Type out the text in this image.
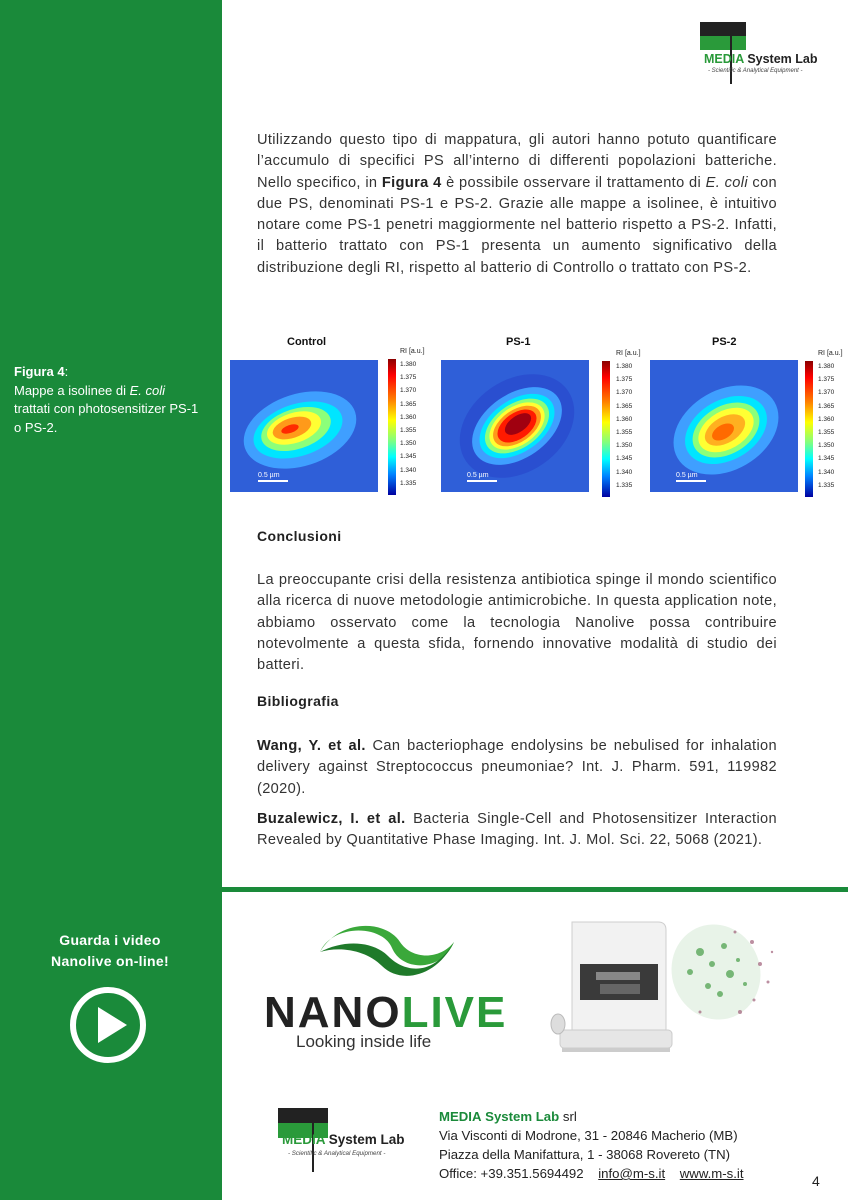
MEDIA System Lab
- Scientific & Analytical Equipment -

Utilizzando questo tipo di mappatura, gli autori hanno potuto quantificare l’accumulo di specifici PS all’interno di differenti popolazioni batteriche. Nello specifico, in Figura 4 è possibile osservare il trattamento di E. coli con due PS, denominati PS-1 e PS-2. Grazie alle mappe a isolinee, è intuitivo notare come PS-1 penetri maggiormente nel batterio rispetto a PS-2. Infatti, il batterio trattato con PS-1 presenta un aumento significativo della distribuzione degli RI, rispetto al batterio di Controllo o trattato con PS-2.

Figura 4:
Mappe a isolinee di E. coli trattati con photosensitizer PS-1 o PS-2.
Control
0.5 µm
RI [a.u.]
1.380
1.375
1.370
1.365
1.360
1.355
1.350
1.345
1.340
1.335
PS-1
0.5 µm
RI [a.u.]
1.380
1.375
1.370
1.365
1.360
1.355
1.350
1.345
1.340
1.335
PS-2
0.5 µm
RI [a.u.]
1.380
1.375
1.370
1.365
1.360
1.355
1.350
1.345
1.340
1.335
Conclusioni

La preoccupante crisi della resistenza antibiotica spinge il mondo scientifico alla ricerca di nuove metodologie antimicrobiche. In questa application note, abbiamo osservato come la tecnologia Nanolive possa contribuire notevolmente a questa sfida, fornendo innovative modalità di studio dei batteri.

Bibliografia

Wang, Y. et al. Can bacteriophage endolysins be nebulised for inhalation delivery against Streptococcus pneumoniae? Int. J. Pharm. 591, 119982 (2020).

Buzalewicz, I. et al. Bacteria Single-Cell and Photosensitizer Interaction Revealed by Quantitative Phase Imaging. Int. J. Mol. Sci. 22, 5068 (2021).

Guarda i video
Nanolive on-line!
NANOLIVE
Looking inside life
MEDIA System Lab
- Scientific & Analytical Equipment -
MEDIA System Lab srl
Via Visconti di Modrone, 31 - 20846 Macherio (MB)
Piazza della Manifattura, 1 - 38068 Rovereto (TN)
Office: +39.351.5694492 info@m-s.it www.m-s.it	4
